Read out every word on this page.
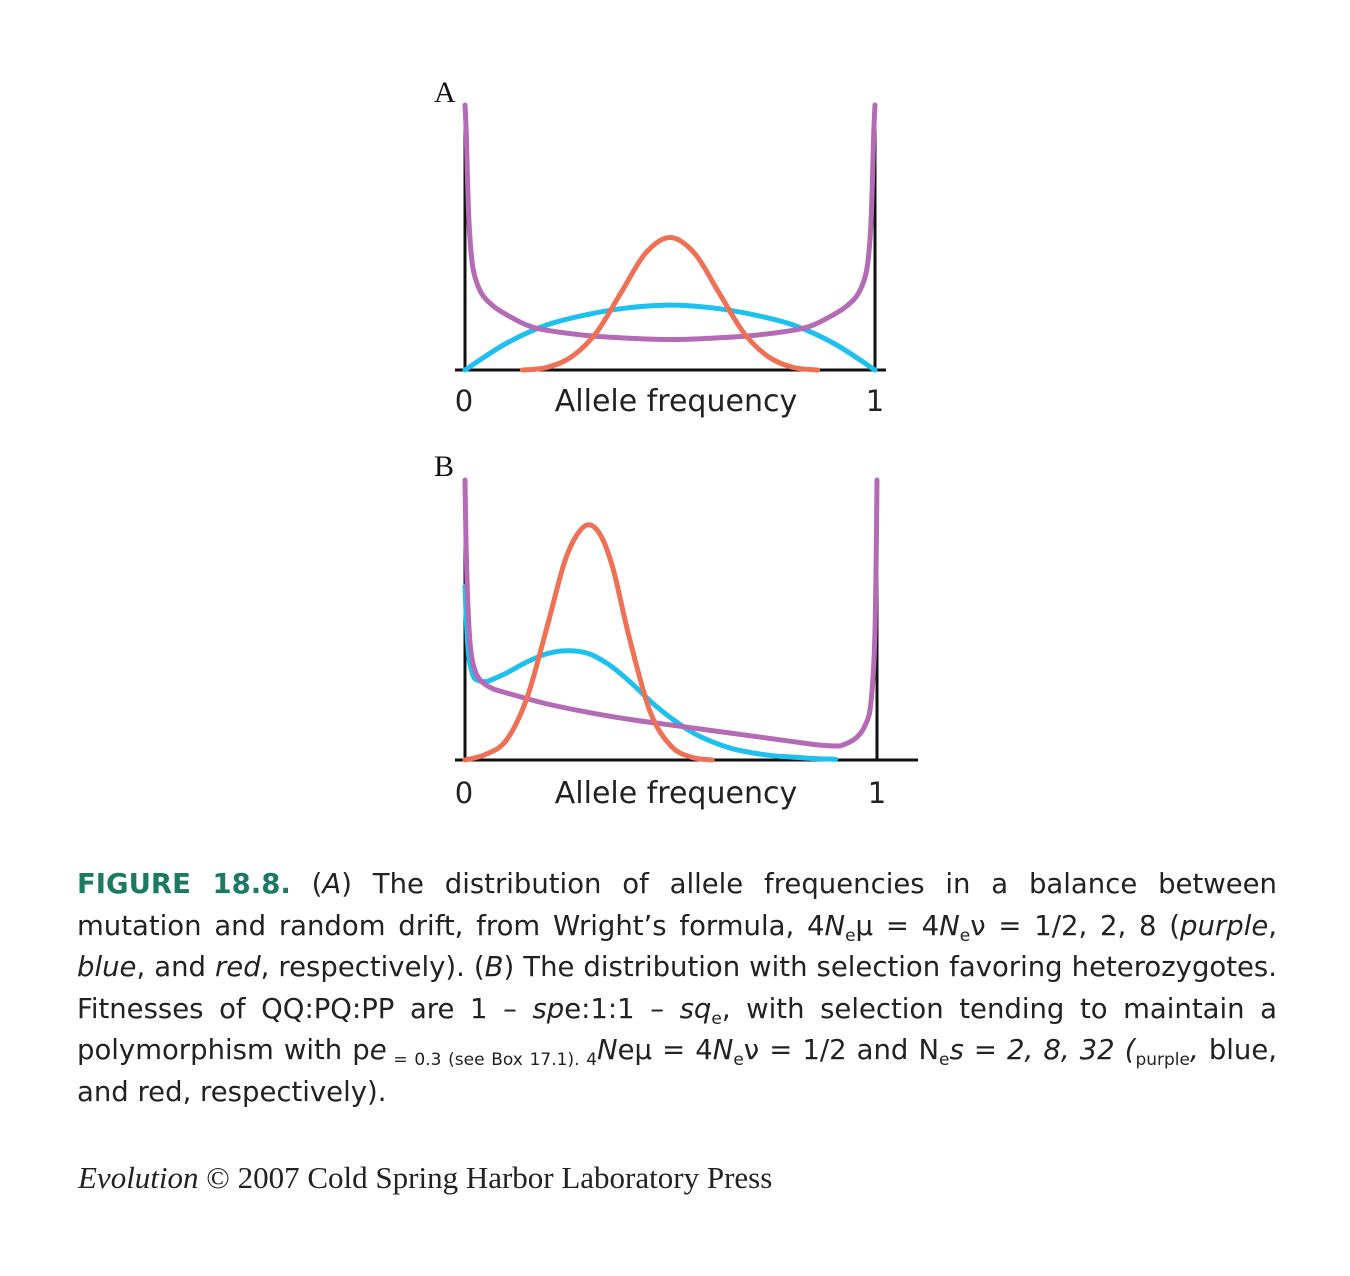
A
0	1
Allele frequency
B
0	1
Allele frequency
FIGURE 18.8. (A) The distribution of allele frequencies in a balance between mutation and random drift, from Wright’s formula, $4N_e\mu = 4N_e\nu = 1/2$, 2, 8 (purple, blue, and red, respectively). (B) The distribution with selection favoring heterozygotes. Fitnesses of QQ:PQ:PP are 1 – spe:1:1 – $sq_e$, with selection tending to maintain a polymorphism with pe $_{= 0.3 (see Box 17.1). 4}Ne\mu = 4N_e\nu = 1/2$ and $N_es = 2$, 8, 32 ($_{purple}$, blue, and red, respectively).
Evolution © 2007 Cold Spring Harbor Laboratory Press
